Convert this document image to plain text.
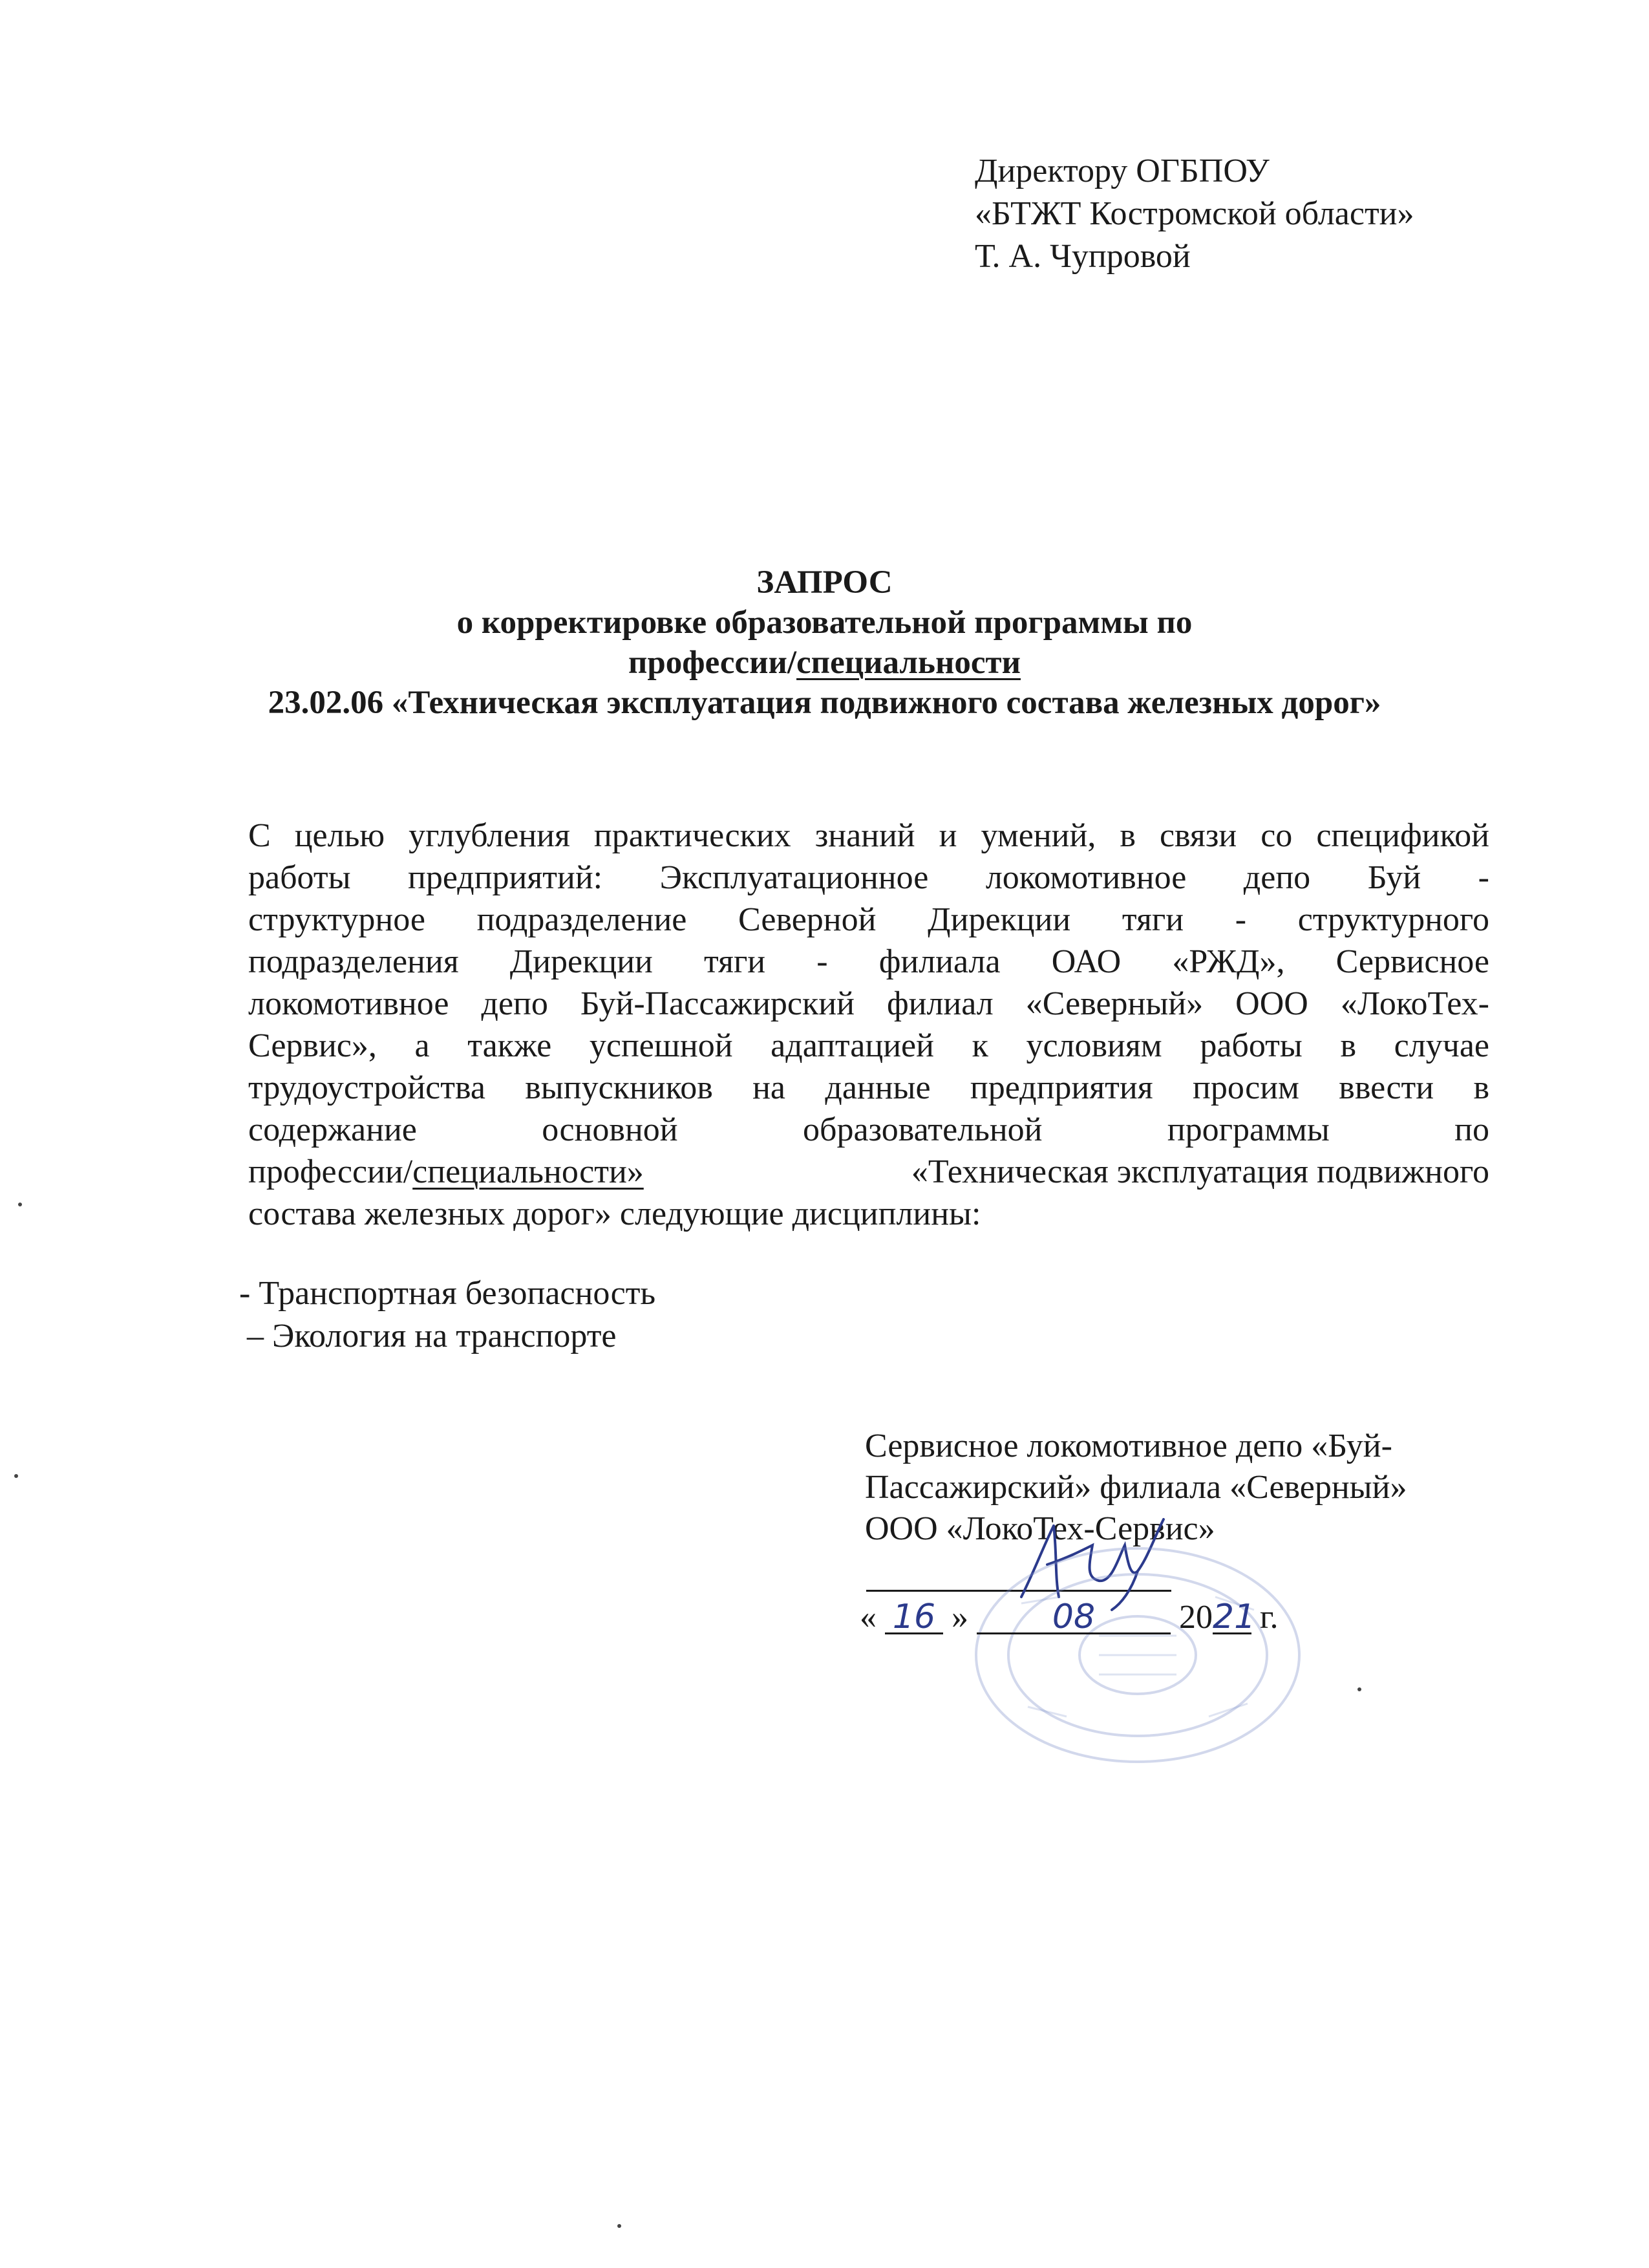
Директору ОГБПОУ
«БТЖТ Костромской области»
Т. А. Чупровой
ЗАПРОС
о корректировке образовательной программы по
профессии/специальности
23.02.06 «Техническая эксплуатация подвижного состава железных дорог»
С целью углубления практических знаний и умений, в связи со спецификой
работы предприятий: Эксплуатационное локомотивное депо Буй -
структурное подразделение Северной Дирекции тяги - структурного
подразделения Дирекции тяги - филиала ОАО «РЖД», Сервисное
локомотивное депо Буй-Пассажирский филиал «Северный» ООО «ЛокоТех-
Сервис», а также успешной адаптацией к условиям работы в случае
трудоустройства выпускников на данные предприятия просим ввести в
содержание	основной	образовательной	программы	по
профессии/специальности»	«Техническая эксплуатация подвижного
состава железных дорог» следующие дисциплины:
- Транспортная безопасность
– Экология на транспорте
Сервисное локомотивное депо «Буй-
Пассажирский» филиала «Северный»
ООО «ЛокоТех-Сервис»
« 16 » 08 2021 г.
